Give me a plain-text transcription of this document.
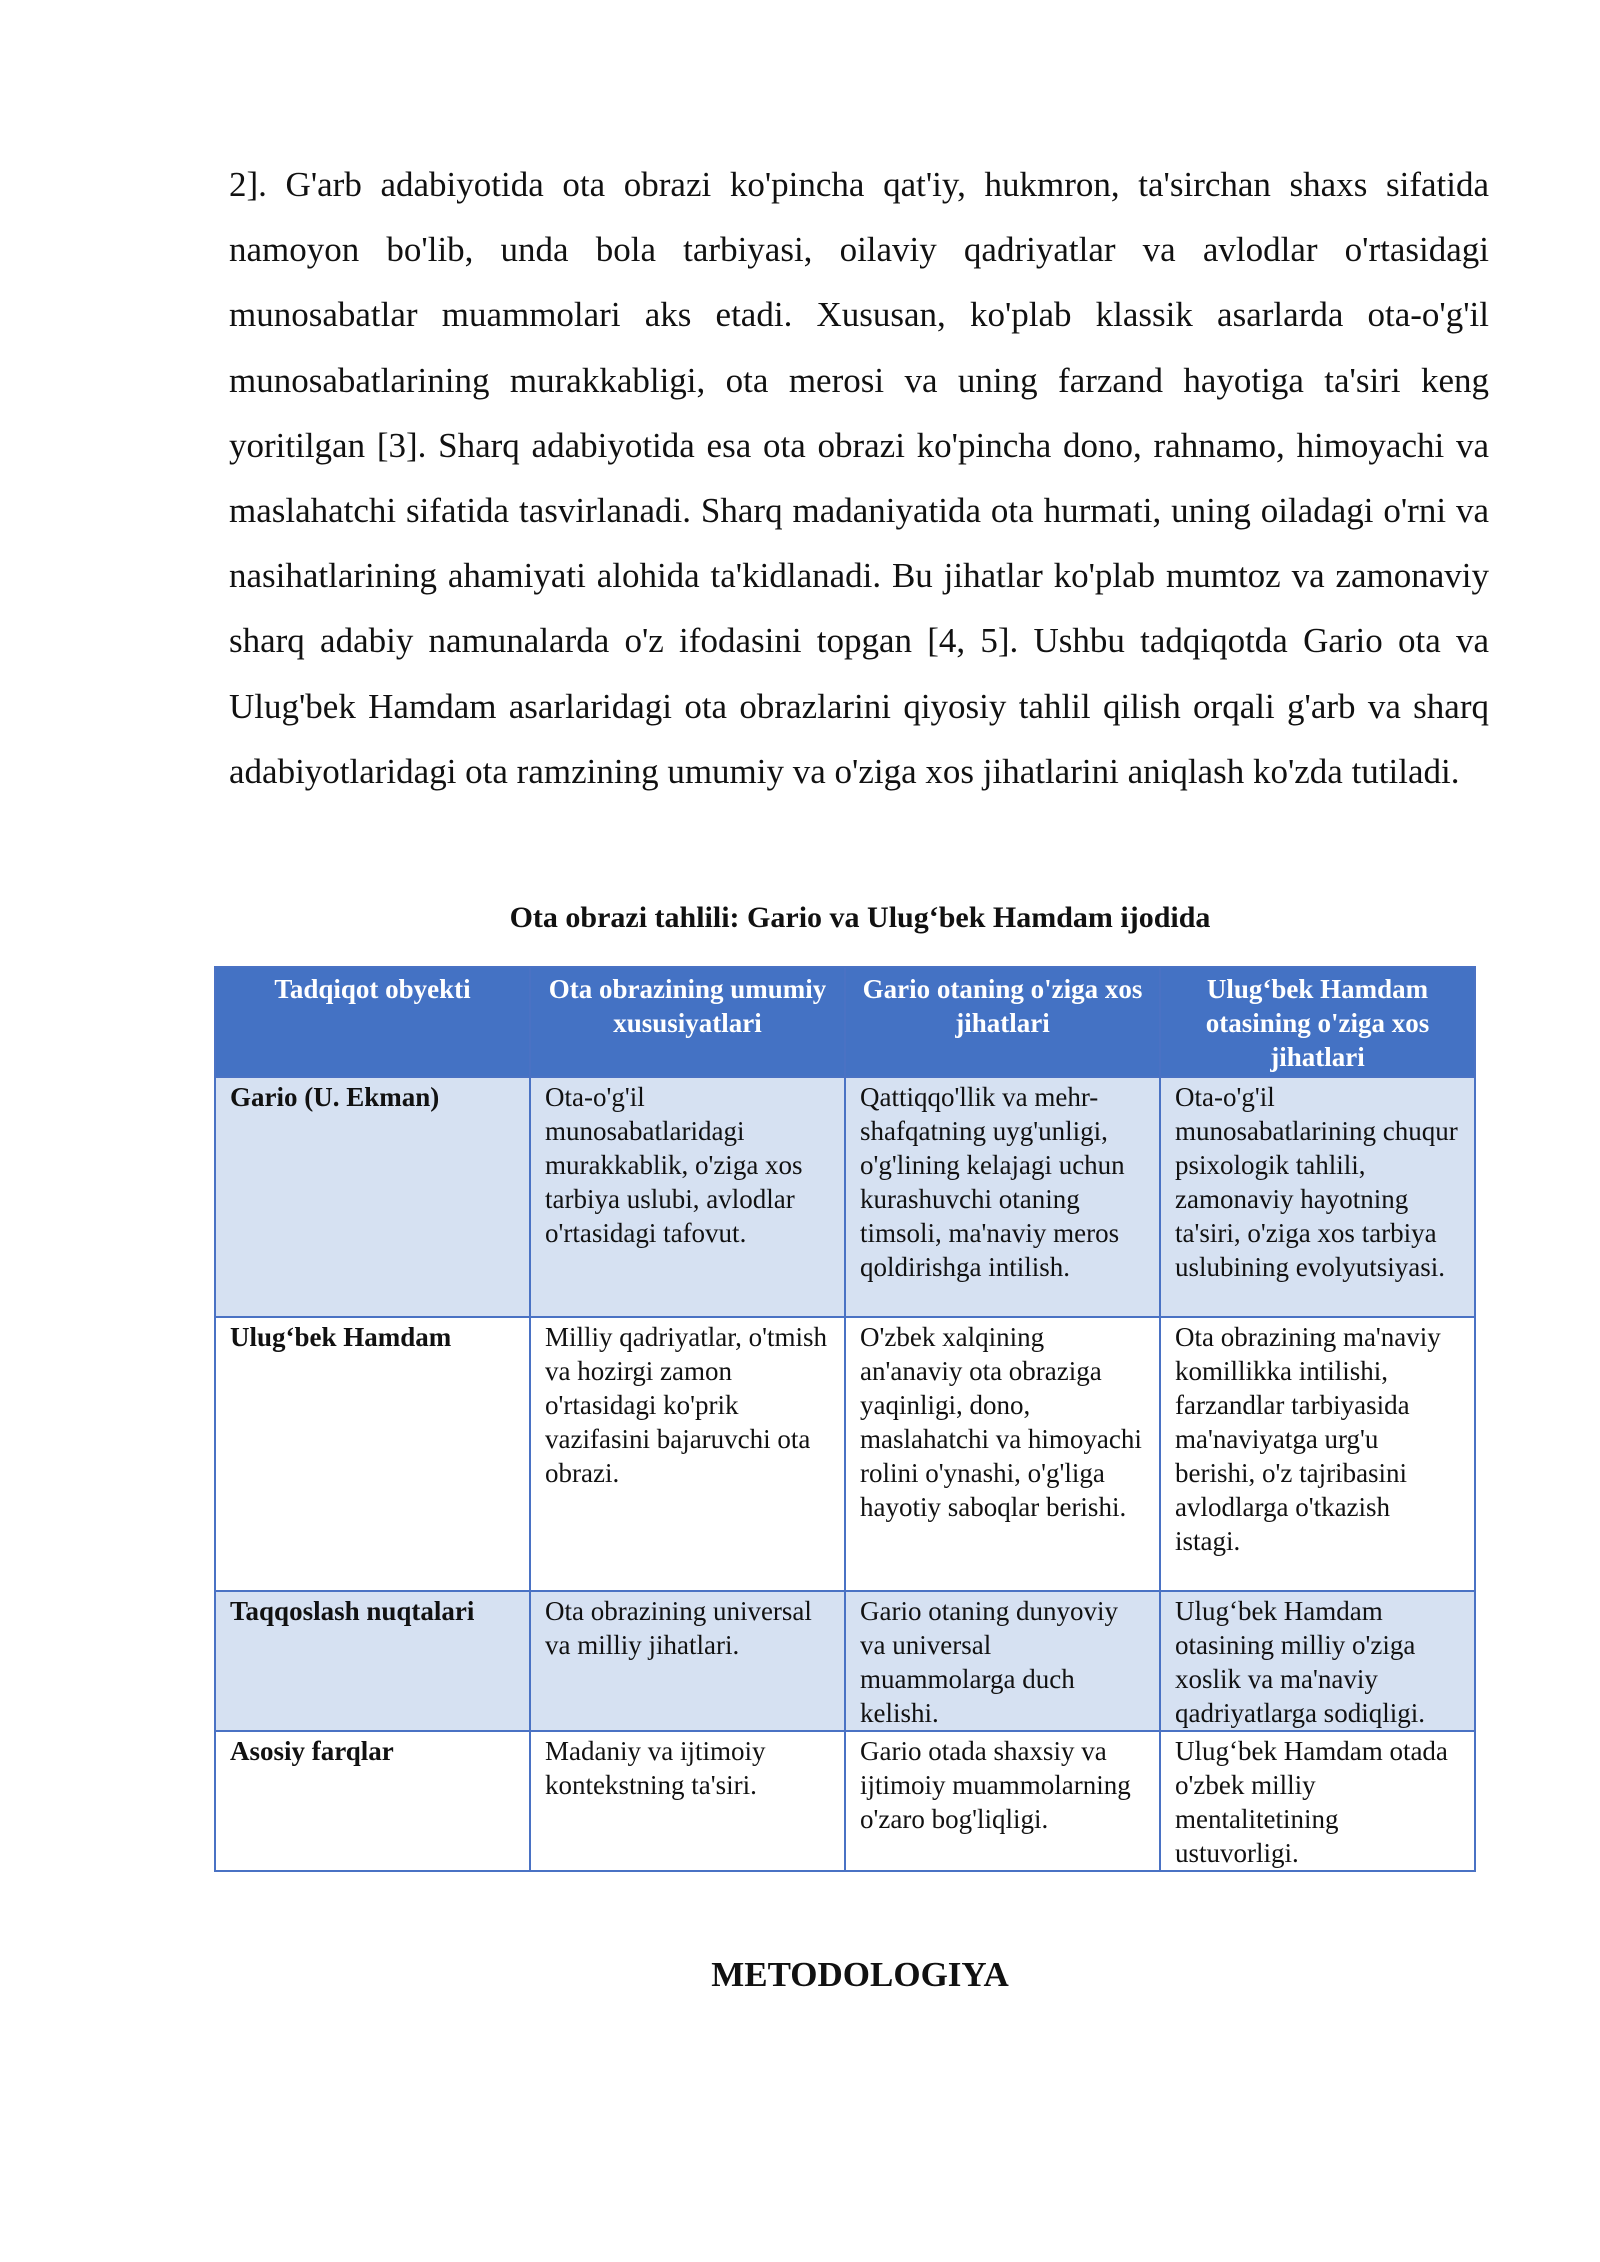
2]. G'arb adabiyotida ota obrazi ko'pincha qat'iy, hukmron, ta'sirchan shaxs sifatida namoyon bo'lib, unda bola tarbiyasi, oilaviy qadriyatlar va avlodlar o'rtasidagi munosabatlar muammolari aks etadi. Xususan, ko'plab klassik asarlarda ota-o'g'il munosabatlarining murakkabligi, ota merosi va uning farzand hayotiga ta'siri keng yoritilgan [3]. Sharq adabiyotida esa ota obrazi ko'pincha dono, rahnamo, himoyachi va maslahatchi sifatida tasvirlanadi. Sharq madaniyatida ota hurmati, uning oiladagi o'rni va nasihatlarining ahamiyati alohida ta'kidlanadi. Bu jihatlar ko'plab mumtoz va zamonaviy sharq adabiy namunalarda o'z ifodasini topgan [4, 5]. Ushbu tadqiqotda Gario ota va Ulug'bek Hamdam asarlaridagi ota obrazlarini qiyosiy tahlil qilish orqali g'arb va sharq adabiyotlaridagi ota ramzining umumiy va o'ziga xos jihatlarini aniqlash ko'zda tutiladi.

Ota obrazi tahlili: Gario va Ulug‘bek Hamdam ijodida

Tadqiqot obyekti	Ota obrazining umumiy xususiyatlari	Gario otaning o'ziga xos jihatlari	Ulug‘bek Hamdam otasining o'ziga xos jihatlari
Gario (U. Ekman)	Ota-o'g'il munosabatlaridagi murakkablik, o'ziga xos tarbiya uslubi, avlodlar o'rtasidagi tafovut.	Qattiqqo'llik va mehr-shafqatning uyg'unligi, o'g'lining kelajagi uchun kurashuvchi otaning timsoli, ma'naviy meros qoldirishga intilish.	Ota-o'g'il munosabatlarining chuqur psixologik tahlili, zamonaviy hayotning ta'siri, o'ziga xos tarbiya uslubining evolyutsiyasi.
Ulug‘bek Hamdam	Milliy qadriyatlar, o'tmish va hozirgi zamon o'rtasidagi ko'prik vazifasini bajaruvchi ota obrazi.	O'zbek xalqining an'anaviy ota obraziga yaqinligi, dono, maslahatchi va himoyachi rolini o'ynashi, o'g'liga hayotiy saboqlar berishi.	Ota obrazining ma'naviy komillikka intilishi, farzandlar tarbiyasida ma'naviyatga urg'u berishi, o'z tajribasini avlodlarga o'tkazish istagi.
Taqqoslash nuqtalari	Ota obrazining universal va milliy jihatlari.	Gario otaning dunyoviy va universal muammolarga duch kelishi.	Ulug‘bek Hamdam otasining milliy o'ziga xoslik va ma'naviy qadriyatlarga sodiqligi.
Asosiy farqlar	Madaniy va ijtimoiy kontekstning ta'siri.	Gario otada shaxsiy va ijtimoiy muammolarning o'zaro bog'liqligi.	Ulug‘bek Hamdam otada o'zbek milliy mentalitetining ustuvorligi.

METODOLOGIYA
